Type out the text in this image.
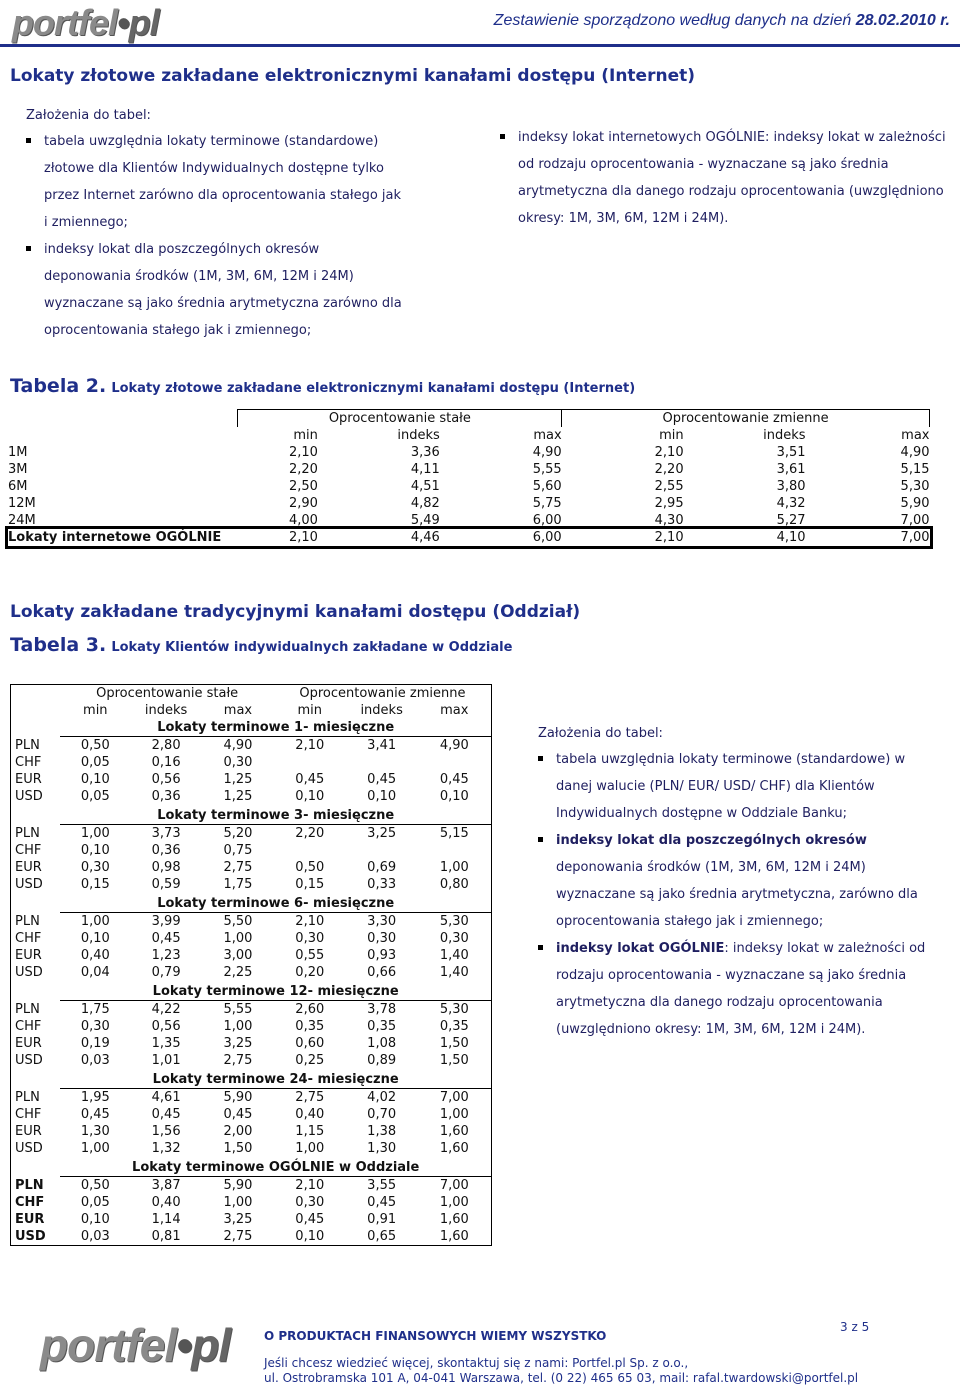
portfel•pl	Zestawienie sporządzono według danych na dzień 28.02.2010 r.
Lokaty złotowe zakładane elektronicznymi kanałami dostępu (Internet)
Założenia do tabel:
tabela uwzględnia lokaty terminowe (standardowe) złotowe dla Klientów Indywidualnych dostępne tylko przez Internet zarówno dla oprocentowania stałego jak i zmiennego;
indeksy lokat dla poszczególnych okresów deponowania środków (1M, 3M, 6M, 12M i 24M) wyznaczane są jako średnia arytmetyczna zarówno dla oprocentowania stałego jak i zmiennego;
indeksy lokat internetowych OGÓLNIE: indeksy lokat w zależności od rodzaju oprocentowania - wyznaczane są jako średnia arytmetyczna dla danego rodzaju oprocentowania (uwzględniono okresy: 1M, 3M, 6M, 12M i 24M).
Tabela 2. Lokaty złotowe zakładane elektronicznymi kanałami dostępu (Internet)
	Oprocentowanie stałe			Oprocentowanie zmienne		
	min	indeks	max	min	indeks	max
1M	2,10	3,36	4,90	2,10	3,51	4,90
3M	2,20	4,11	5,55	2,20	3,61	5,15
6M	2,50	4,51	5,60	2,55	3,80	5,30
12M	2,90	4,82	5,75	2,95	4,32	5,90
24M	4,00	5,49	6,00	4,30	5,27	7,00
Lokaty internetowe OGÓLNIE	2,10	4,46	6,00	2,10	4,10	7,00
Lokaty zakładane tradycyjnymi kanałami dostępu (Oddział)
Tabela 3. Lokaty Klientów indywidualnych zakładane w Oddziale
	Oprocentowanie stałe			Oprocentowanie zmienne		
	min	indeks	max	min	indeks	max
	Lokaty terminowe 1- miesięczne					
PLN	0,50	2,80	4,90	2,10	3,41	4,90
CHF	0,05	0,16	0,30			
EUR	0,10	0,56	1,25	0,45	0,45	0,45
USD	0,05	0,36	1,25	0,10	0,10	0,10

	Lokaty terminowe 3- miesięczne					
PLN	1,00	3,73	5,20	2,20	3,25	5,15
CHF	0,10	0,36	0,75			
EUR	0,30	0,98	2,75	0,50	0,69	1,00
USD	0,15	0,59	1,75	0,15	0,33	0,80

	Lokaty terminowe 6- miesięczne					
PLN	1,00	3,99	5,50	2,10	3,30	5,30
CHF	0,10	0,45	1,00	0,30	0,30	0,30
EUR	0,40	1,23	3,00	0,55	0,93	1,40
USD	0,04	0,79	2,25	0,20	0,66	1,40

	Lokaty terminowe 12- miesięczne					
PLN	1,75	4,22	5,55	2,60	3,78	5,30
CHF	0,30	0,56	1,00	0,35	0,35	0,35
EUR	0,19	1,35	3,25	0,60	1,08	1,50
USD	0,03	1,01	2,75	0,25	0,89	1,50

	Lokaty terminowe 24- miesięczne					
PLN	1,95	4,61	5,90	2,75	4,02	7,00
CHF	0,45	0,45	0,45	0,40	0,70	1,00
EUR	1,30	1,56	2,00	1,15	1,38	1,60
USD	1,00	1,32	1,50	1,00	1,30	1,60

	Lokaty terminowe OGÓLNIE w Oddziale					
PLN	0,50	3,87	5,90	2,10	3,55	7,00
CHF	0,05	0,40	1,00	0,30	0,45	1,00
EUR	0,10	1,14	3,25	0,45	0,91	1,60
USD	0,03	0,81	2,75	0,10	0,65	1,60
Założenia do tabel:
tabela uwzględnia lokaty terminowe (standardowe) w danej walucie (PLN/ EUR/ USD/ CHF) dla Klientów Indywidualnych dostępne w Oddziale Banku;
indeksy lokat dla poszczególnych okresów deponowania środków (1M, 3M, 6M, 12M i 24M) wyznaczane są jako średnia arytmetyczna, zarówno dla oprocentowania stałego jak i zmiennego;
indeksy lokat OGÓLNIE: indeksy lokat w zależności od rodzaju oprocentowania - wyznaczane są jako średnia arytmetyczna dla danego rodzaju oprocentowania (uwzględniono okresy: 1M, 3M, 6M, 12M i 24M).
portfel•pl	3 z 5
O PRODUKTACH FINANSOWYCH WIEMY WSZYSTKO
Jeśli chcesz wiedzieć więcej, skontaktuj się z nami: Portfel.pl Sp. z o.o.,
ul. Ostrobramska 101 A, 04-041 Warszawa, tel. (0 22) 465 65 03, mail: rafal.twardowski@portfel.pl
